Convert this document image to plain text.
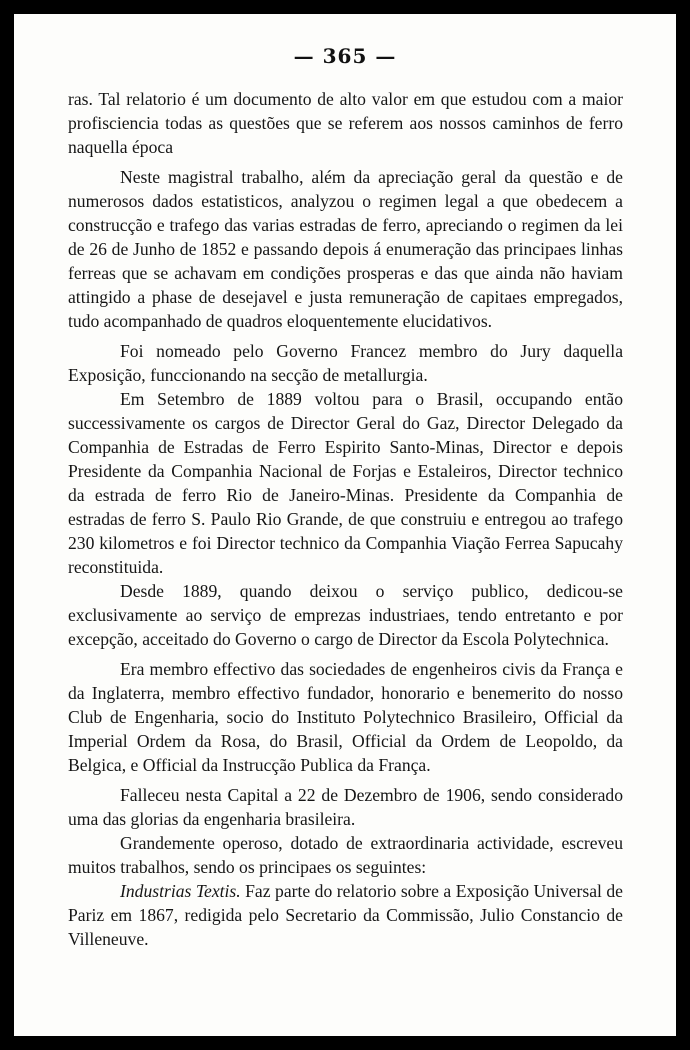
— 365 —

ras. Tal relatorio é um documento de alto valor em que estudou com a maior profisciencia todas as questões que se referem aos nossos caminhos de ferro naquella época

Neste magistral trabalho, além da apreciação geral da questão e de numerosos dados estatisticos, analyzou o regimen legal a que obedecem a construcção e trafego das varias estradas de ferro, apreciando o regimen da lei de 26 de Junho de 1852 e passando depois á enumeração das principaes linhas ferreas que se achavam em condições prosperas e das que ainda não haviam attingido a phase de desejavel e justa remuneração de capitaes empregados, tudo acompanhado de quadros eloquentemente elucidativos.

Foi nomeado pelo Governo Francez membro do Jury daquella Exposição, funccionando na secção de metallurgia.

Em Setembro de 1889 voltou para o Brasil, occupando então successivamente os cargos de Director Geral do Gaz, Director Delegado da Companhia de Estradas de Ferro Espirito Santo-Minas, Director e depois Presidente da Companhia Nacional de Forjas e Estaleiros, Director technico da estrada de ferro Rio de Janeiro-Minas. Presidente da Companhia de estradas de ferro S. Paulo Rio Grande, de que construiu e entregou ao trafego 230 kilometros e foi Director technico da Companhia Viação Ferrea Sapucahy reconstituida.

Desde 1889, quando deixou o serviço publico, dedicou-se exclusivamente ao serviço de emprezas industriaes, tendo entretanto e por excepção, acceitado do Governo o cargo de Director da Escola Polytechnica.

Era membro effectivo das sociedades de engenheiros civis da França e da Inglaterra, membro effectivo fundador, honorario e benemerito do nosso Club de Engenharia, socio do Instituto Polytechnico Brasileiro, Official da Imperial Ordem da Rosa, do Brasil, Official da Ordem de Leopoldo, da Belgica, e Official da Instrucção Publica da França.

Falleceu nesta Capital a 22 de Dezembro de 1906, sendo considerado uma das glorias da engenharia brasileira.

Grandemente operoso, dotado de extraordinaria actividade, escreveu muitos trabalhos, sendo os principaes os seguintes:

Industrias Textis. Faz parte do relatorio sobre a Exposição Universal de Pariz em 1867, redigida pelo Secretario da Commissão, Julio Constancio de Villeneuve.
